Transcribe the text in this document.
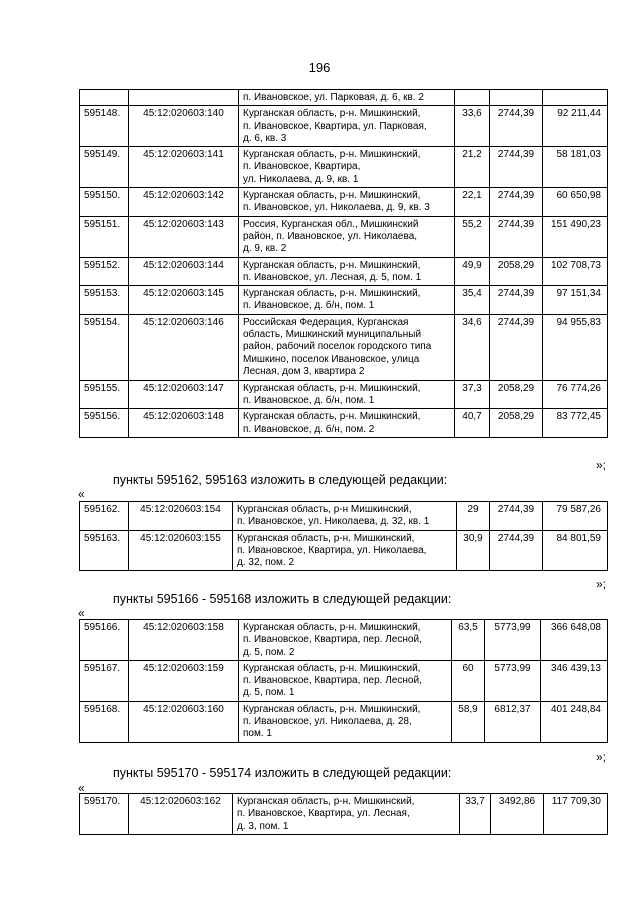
196

		п. Ивановское, ул. Парковая, д. 6, кв. 2			

595148.	45:12:020603:140	Курганская область, р-н. Мишкинский,
п. Ивановское, Квартира, ул. Парковая,
д. 6, кв. 3	33,6	2744,39	92 211,44
595149.	45:12:020603:141	Курганская область, р-н. Мишкинский,
п. Ивановское, Квартира,
ул. Николаева, д. 9, кв. 1	21,2	2744,39	58 181,03
595150.	45:12:020603:142	Курганская область, р-н. Мишкинский,
п. Ивановское, ул. Николаева, д. 9, кв. 3	22,1	2744,39	60 650,98
595151.	45:12:020603:143	Россия, Курганская обл., Мишкинский
район, п. Ивановское, ул. Николаева,
д. 9, кв. 2	55,2	2744,39	151 490,23
595152.	45:12:020603:144	Курганская область, р-н. Мишкинский,
п. Ивановское, ул. Лесная, д. 5, пом. 1	49,9	2058,29	102 708,73
595153.	45:12:020603:145	Курганская область, р-н. Мишкинский,
п. Ивановское, д. б/н, пом. 1	35,4	2744,39	97 151,34
595154.	45:12:020603:146	Российская Федерация, Курганская
область, Мишкинский муниципальный
район, рабочий поселок городского типа
Мишкино, поселок Ивановское, улица
Лесная, дом 3, квартира 2	34,6	2744,39	94 955,83
595155.	45:12:020603:147	Курганская область, р-н. Мишкинский,
п. Ивановское, д. б/н, пом. 1	37,3	2058,29	76 774,26
595156.	45:12:020603:148	Курганская область, р-н. Мишкинский,
п. Ивановское, д. б/н, пом. 2	40,7	2058,29	83 772,45
»;
пункты 595162, 595163 изложить в следующей редакции:
«
595162.	45:12:020603:154	Курганская область, р-н Мишкинский,
п. Ивановское, ул. Николаева, д. 32, кв. 1	29	2744,39	79 587,26
595163.	45:12:020603:155	Курганская область, р-н. Мишкинский,
п. Ивановское, Квартира, ул. Николаева,
д. 32, пом. 2	30,9	2744,39	84 801,59
»;
пункты 595166 - 595168 изложить в следующей редакции:
«
595166.	45:12:020603:158	Курганская область, р-н. Мишкинский,
п. Ивановское, Квартира, пер. Лесной,
д. 5, пом. 2	63,5	5773,99	366 648,08
595167.	45:12:020603:159	Курганская область, р-н. Мишкинский,
п. Ивановское, Квартира, пер. Лесной,
д. 5, пом. 1	60	5773,99	346 439,13
595168.	45:12:020603:160	Курганская область, р-н. Мишкинский,
п. Ивановское, ул. Николаева, д. 28,
пом. 1	58,9	6812,37	401 248,84
»;
пункты 595170 - 595174 изложить в следующей редакции:
«
595170.	45:12:020603:162	Курганская область, р-н. Мишкинский,
п. Ивановское, Квартира, ул. Лесная,
д. 3, пом. 1
	33,7	3492,86	117 709,30
